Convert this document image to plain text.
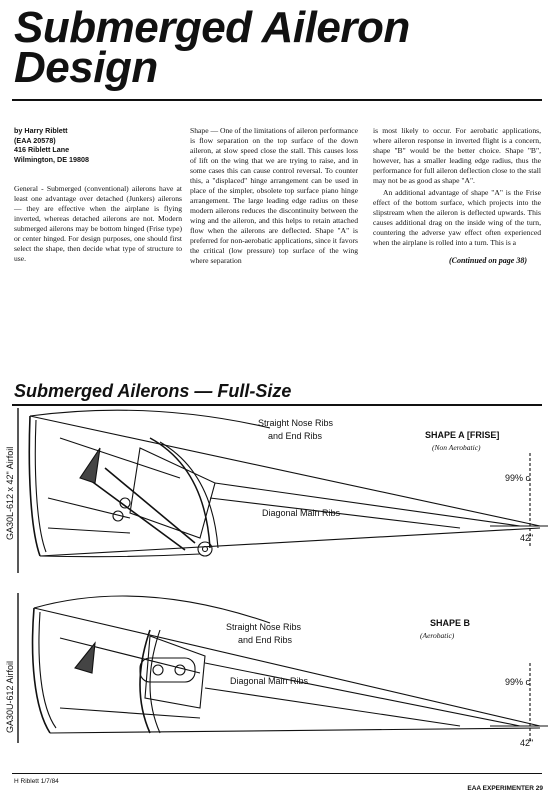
Submerged Aileron
Design
by Harry Riblett
(EAA 20578)
416 Riblett Lane
Wilmington, DE 19808

General - Submerged (conventional) ailerons have at least one advantage over detached (Junkers) ailerons — they are effective when the airplane is flying inverted, whereas detached ailerons are not. Modern submerged ailerons may be bottom hinged (Frise type) or center hinged. For design purposes, one should first select the shape, then decide what type of structure to use.

Shape — One of the limitations of aileron performance is flow separation on the top surface of the down aileron, at slow speed close the stall. This causes loss of lift on the wing that we are trying to raise, and in some cases this can cause control reversal. To counter this, a "displaced" hinge arrangement can be used in place of the simpler, obsolete top surface piano hinge arrangement. The large leading edge radius on these modern ailerons reduces the discontinuity between the wing and the aileron, and this helps to retain attached flow when the ailerons are deflected. Shape "A" is preferred for non-aerobatic applications, since it favors the critical (low pressure) top surface of the wing where separation

is most likely to occur. For aerobatic applications, where aileron response in inverted flight is a concern, shape "B" would be the better choice. Shape "B", however, has a smaller leading edge radius, thus the performance for full aileron deflection close to the stall may not be as good as shape "A".

An additional advantage of shape "A" is the Frise effect of the bottom surface, which projects into the slipstream when the aileron is deflected upwards. This causes additional drag on the inside wing of the turn, countering the adverse yaw effect often experienced when the airplane is rolled into a turn. This is a

(Continued on page 38)
Submerged Ailerons — Full-Size
Straight Nose Ribs
and End Ribs
Diagonal Main Ribs
SHAPE A [FRISE]
(Non Aerobatic)
99% c
42"
GA30L-612 x 42" Airfoil
Straight Nose Ribs
and End Ribs
Diagonal Main Ribs
SHAPE B
(Aerobatic)
99% c
42"
GA30U-612 Airfoil
H Riblett 1/7/84
EAA EXPERIMENTER 29
